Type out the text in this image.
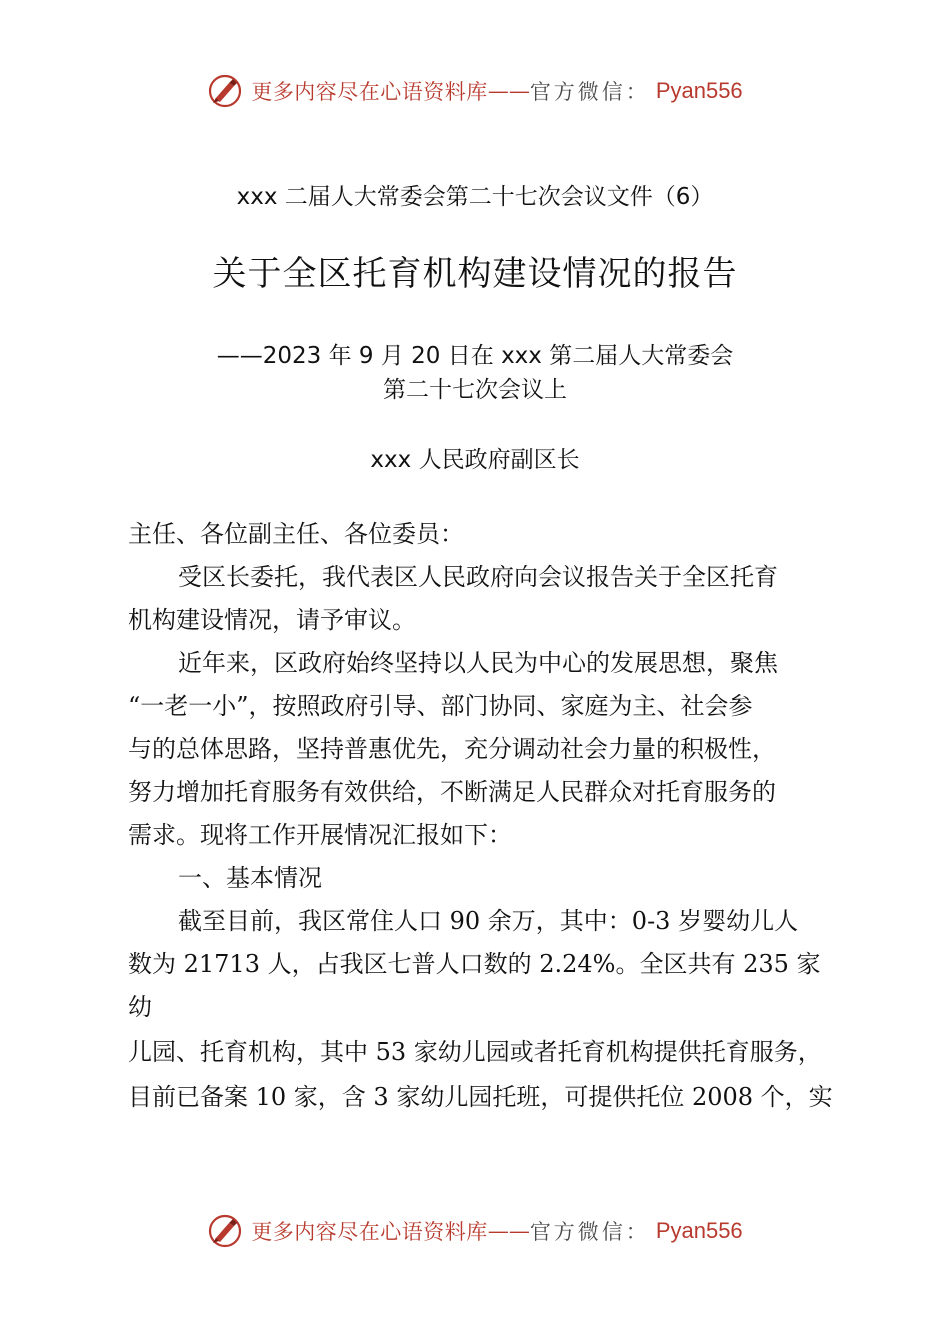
更多内容尽在心语资料库——官方微信： Pyan556
xxx 二届人大常委会第二十七次会议文件（6）
关于全区托育机构建设情况的报告
——2023 年 9 月 20 日在 xxx 第二届人大常委会
第二十七次会议上
xxx 人民政府副区长
主任、各位副主任、各位委员：
受区长委托，我代表区人民政府向会议报告关于全区托育
机构建设情况，请予审议。
近年来，区政府始终坚持以人民为中心的发展思想，聚焦
“一老一小”，按照政府引导、部门协同、家庭为主、社会参
与的总体思路，坚持普惠优先，充分调动社会力量的积极性，
努力增加托育服务有效供给，不断满足人民群众对托育服务的
需求。现将工作开展情况汇报如下：
一、基本情况
截至目前，我区常住人口 90 余万，其中：0-3 岁婴幼儿人
数为 21713 人，占我区七普人口数的 2.24%。全区共有 235 家
幼
儿园、托育机构，其中 53 家幼儿园或者托育机构提供托育服务，
目前已备案 10 家，含 3 家幼儿园托班，可提供托位 2008 个，实
更多内容尽在心语资料库——官方微信： Pyan556
